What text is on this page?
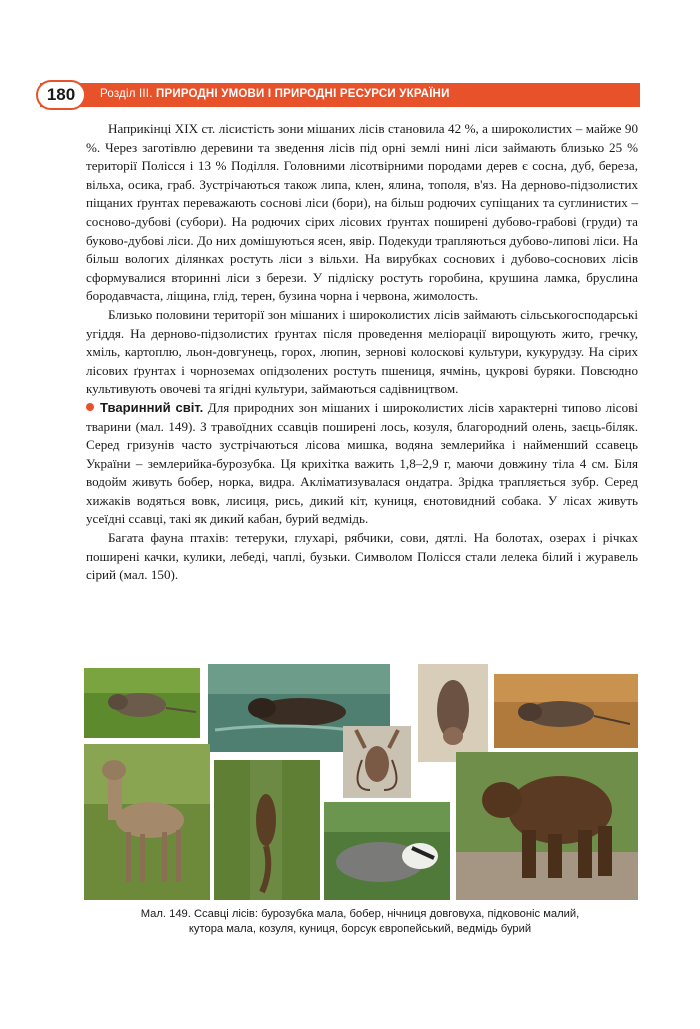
180	Розділ ІІІ. ПРИРОДНІ УМОВИ І ПРИРОДНІ РЕСУРСИ УКРАЇНИ

Наприкінці XIX ст. лісистість зони мішаних лісів становила 42 %, а широколистих – майже 90 %. Через заготівлю деревини та зведення лісів під орні землі нині ліси займають близько 25 % території Полісся і 13 % Поділля. Головними лісотвірними породами дерев є сосна, дуб, береза, вільха, осика, граб. Зустрічаються також липа, клен, ялина, тополя, в'яз. На дерново-підзолистих піщаних ґрунтах переважають соснові ліси (бори), на більш родючих супіщаних та суглинистих – сосново-дубові (субори). На родючих сірих лісових ґрунтах поширені дубово-грабові (груди) та буково-дубові ліси. До них домішуються ясен, явір. Подекуди трапляються дубово-липові ліси. На більш вологих ділянках ростуть ліси з вільхи. На вирубках соснових і дубово-соснових лісів сформувалися вторинні ліси з берези. У підліску ростуть горобина, крушина ламка, бруслина бородавчаста, ліщина, глід, терен, бузина чорна і червона, жимолость.

Близько половини території зон мішаних і широколистих лісів займають сільськогосподарські угіддя. На дерново-підзолистих ґрунтах після проведення меліорації вирощують жито, гречку, хміль, картоплю, льон-довгунець, горох, люпин, зернові колоскові культури, кукурудзу. На сірих лісових ґрунтах і чорноземах опідзолених ростуть пшениця, ячмінь, цукрові буряки. Повсюдно культивують овочеві та ягідні культури, займаються садівництвом.

Тваринний світ. Для природних зон мішаних і широколистих лісів характерні типово лісові тварини (мал. 149). З травоїдних ссавців поширені лось, козуля, благородний олень, заєць-біляк. Серед гризунів часто зустрічаються лісова мишка, водяна землерийка і найменший ссавець України – землерийка-бурозубка. Ця крихітка важить 1,8–2,9 г, маючи довжину тіла 4 см. Біля водойм живуть бобер, норка, видра. Акліматизувалася ондатра. Зрідка трапляється зубр. Серед хижаків водяться вовк, лисиця, рись, дикий кіт, куниця, єнотовидний собака. У лісах живуть усеїдні ссавці, такі як дикий кабан, бурий ведмідь.

Багата фауна птахів: тетеруки, глухарі, рябчики, сови, дятлі. На болотах, озерах і річках поширені качки, кулики, лебеді, чаплі, бузьки. Символом Полісся стали лелека білий і журавель сірий (мал. 150).

Мал. 149. Ссавці лісів: бурозубка мала, бобер, нічниця довговуха, підковоніс малий,
кутора мала, козуля, куниця, борсук європейський, ведмідь бурий
